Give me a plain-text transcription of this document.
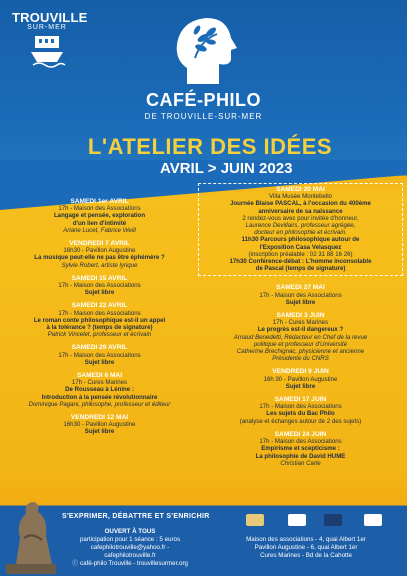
TROUVILLE
SUR-MER
CAFÉ-PHILO
DE TROUVILLE-SUR-MER
L'ATELIER DES IDÉES
AVRIL > JUIN 2023
SAMEDI 1er AVRIL
17h - Maison des Associations
Langage et pensée, exploration
d'un lien d'intimité
Ariane Lucet, Fabrice Weill
VENDREDI 7 AVRIL
16h30 - Pavillon Augustine
La musique peut-elle ne pas être éphémère ?
Sylvie Robert, artiste lyrique
SAMEDI 15 AVRIL
17h - Maison des Associations
Sujet libre
SAMEDI 22 AVRIL
17h - Maison des Associations
Le roman conte philosophique est-il un appel
à la tolérance ? (temps de signature)
Patrick Vincelet, professeur et écrivain
SAMEDI 29 AVRIL
17h - Maison des Associations
Sujet libre
SAMEDI 6 MAI
17h - Cures Marines
De Rousseau à Lénine :
Introduction à la pensée révolutionnaire
Dominique Pagani, philosophe, professeur et éditeur
VENDREDI 12 MAI
16h30 - Pavillon Augustine
Sujet libre
SAMEDI 20 MAI
Villa Musée Montebello
Journée Blaise PASCAL, à l'occasion du 400ème
anniversaire de sa naissance
2 rendez-vous avec pour invitée d'honneur,
Laurence Devillairs, professeur agrégée,
docteur en philosophie et écrivain.
11h30 Parcours philosophique autour de
l'Exposition Casa Velasquez
(inscription préalable : 02 31 88 16 26)
17h30 Conférence-débat : L'homme inconsolable
de Pascal (temps de signature)
SAMEDI 27 MAI
17h - Maison des Associations
Sujet libre
SAMEDI 3 JUIN
17h - Cures Marines
Le progrès est-il dangereux ?
Arnaud Benedetti, Rédacteur en Chef de la revue
politique et professeur d'Université
Catherine Brechignac, physicienne et ancienne
Présidente du CNRS
VENDREDI 9 JUIN
16h 30 - Pavillon Augustine
Sujet libre
SAMEDI 17 JUIN
17h - Maison des Associations
Les sujets du Bac Philo
(analyse et échanges autour de 2 des sujets)
SAMEDI 24 JUIN
17h - Maison des Associations
Empirisme et scepticisme :
La philosophie de David HUME
Christian Carle
S'EXPRIMER, DÉBATTRE ET S'ENRICHIR
OUVERT À TOUS
participation pour 1 séance : 5 euros
cafephilotrouville@yahoo.fr - cafephilotrouville.fr
ⓕ café-philo Trouville - trouvillesurmer.org
Maison des associations - 4, quai Albert 1er
Pavillon Augustine - 6, quai Albert 1er
Cures Marines - Bd de la Cahotte
